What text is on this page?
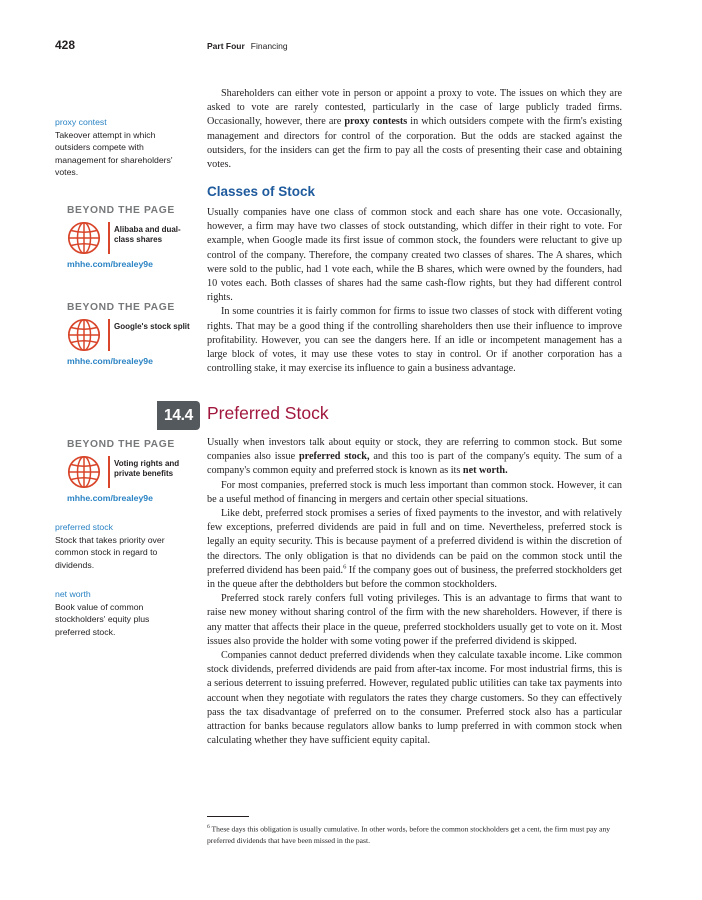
428	Part Four Financing
proxy contest
Takeover attempt in which outsiders compete with management for shareholders' votes.
BEYOND THE PAGE
Alibaba and dual-class shares
mhhe.com/brealey9e
BEYOND THE PAGE
Google's stock split
mhhe.com/brealey9e
BEYOND THE PAGE
Voting rights and private benefits
mhhe.com/brealey9e
preferred stock
Stock that takes priority over common stock in regard to dividends.
net worth
Book value of common stockholders' equity plus preferred stock.

Shareholders can either vote in person or appoint a proxy to vote. The issues on which they are asked to vote are rarely contested, particularly in the case of large publicly traded firms. Occasionally, however, there are proxy contests in which outsiders compete with the firm's existing management and directors for control of the corporation. But the odds are stacked against the outsiders, for the insiders can get the firm to pay all the costs of presenting their case and obtaining votes.

Classes of Stock

Usually companies have one class of common stock and each share has one vote. Occasionally, however, a firm may have two classes of stock outstanding, which differ in their right to vote. For example, when Google made its first issue of common stock, the founders were reluctant to give up control of the company. Therefore, the company created two classes of shares. The A shares, which were sold to the public, had 1 vote each, while the B shares, which were owned by the founders, had 10 votes each. Both classes of shares had the same cash-flow rights, but they had different control rights.

In some countries it is fairly common for firms to issue two classes of stock with different voting rights. That may be a good thing if the controlling shareholders then use their influence to improve profitability. However, you can see the dangers here. If an idle or incompetent management has a large block of votes, it may use these votes to stay in control. Or if another corporation has a controlling stake, it may exercise its influence to gain a business advantage.

14.4 Preferred Stock

Usually when investors talk about equity or stock, they are referring to common stock. But some companies also issue preferred stock, and this too is part of the company's equity. The sum of a company's common equity and preferred stock is known as its net worth.

For most companies, preferred stock is much less important than common stock. However, it can be a useful method of financing in mergers and certain other special situations.

Like debt, preferred stock promises a series of fixed payments to the investor, and with relatively few exceptions, preferred dividends are paid in full and on time. Nevertheless, preferred stock is legally an equity security. This is because payment of a preferred dividend is within the discretion of the directors. The only obligation is that no dividends can be paid on the common stock until the preferred dividend has been paid.$^6$ If the company goes out of business, the preferred stockholders get in the queue after the debtholders but before the common stockholders.

Preferred stock rarely confers full voting privileges. This is an advantage to firms that want to raise new money without sharing control of the firm with the new shareholders. However, if there is any matter that affects their place in the queue, preferred stockholders usually get to vote on it. Most issues also provide the holder with some voting power if the preferred dividend is skipped.

Companies cannot deduct preferred dividends when they calculate taxable income. Like common stock dividends, preferred dividends are paid from after-tax income. For most industrial firms, this is a serious deterrent to issuing preferred. However, regulated public utilities can take tax payments into account when they negotiate with regulators the rates they charge customers. So they can effectively pass the tax disadvantage of preferred on to the consumer. Preferred stock also has a particular attraction for banks because regulators allow banks to lump preferred in with common stock when calculating whether they have sufficient equity capital.

$^6$ These days this obligation is usually cumulative. In other words, before the common stockholders get a cent, the firm must pay any preferred dividends that have been missed in the past.
